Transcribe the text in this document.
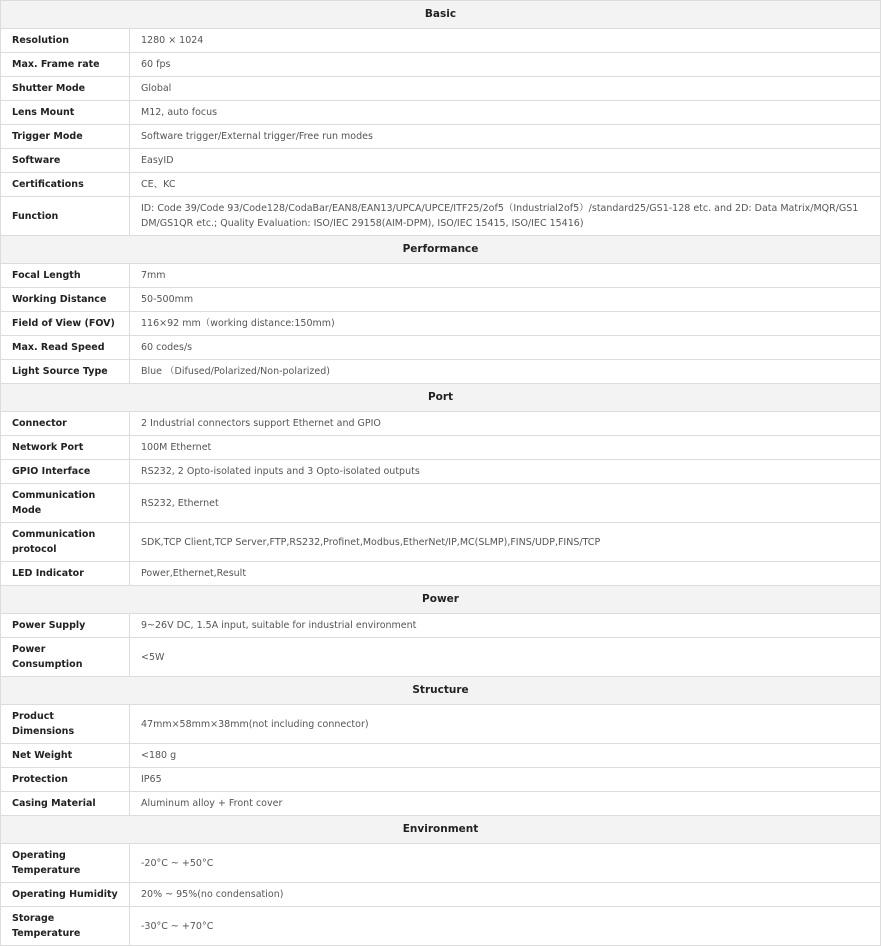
Basic	
Resolution	1280 × 1024
Max. Frame rate	60 fps
Shutter Mode	Global
Lens Mount	M12, auto focus
Trigger Mode	Software trigger/External trigger/Free run modes
Software	EasyID
Certifications	CE、KC
Function	ID: Code 39/Code 93/Code128/CodaBar/EAN8/EAN13/UPCA/UPCE/ITF25/2of5（Industrial2of5）/standard25/GS1-128 etc. and 2D: Data Matrix/MQR/GS1 DM/GS1QR etc.; Quality Evaluation: ISO/IEC 29158(AIM-DPM), ISO/IEC 15415, ISO/IEC 15416)
Performance	
Focal Length	7mm
Working Distance	50-500mm
Field of View (FOV)	116×92 mm（working distance:150mm)
Max. Read Speed	60 codes/s
Light Source Type	Blue （Difused/Polarized/Non-polarized)
Port	
Connector	2 Industrial connectors support Ethernet and GPIO
Network Port	100M Ethernet
GPIO Interface	RS232, 2 Opto-isolated inputs and 3 Opto-isolated outputs
Communication Mode	RS232, Ethernet
Communication protocol	SDK,TCP Client,TCP Server,FTP,RS232,Profinet,Modbus,EtherNet/IP,MC(SLMP),FINS/UDP,FINS/TCP
LED Indicator	Power,Ethernet,Result
Power	
Power Supply	9~26V DC, 1.5A input, suitable for industrial environment
Power Consumption	<5W
Structure	
Product Dimensions	47mm×58mm×38mm(not including connector)
Net Weight	<180 g
Protection	IP65
Casing Material	Aluminum alloy + Front cover
Environment	
Operating Temperature	-20°C ~ +50°C
Operating Humidity	20% ~ 95%(no condensation)
Storage Temperature	-30°C ~ +70°C
